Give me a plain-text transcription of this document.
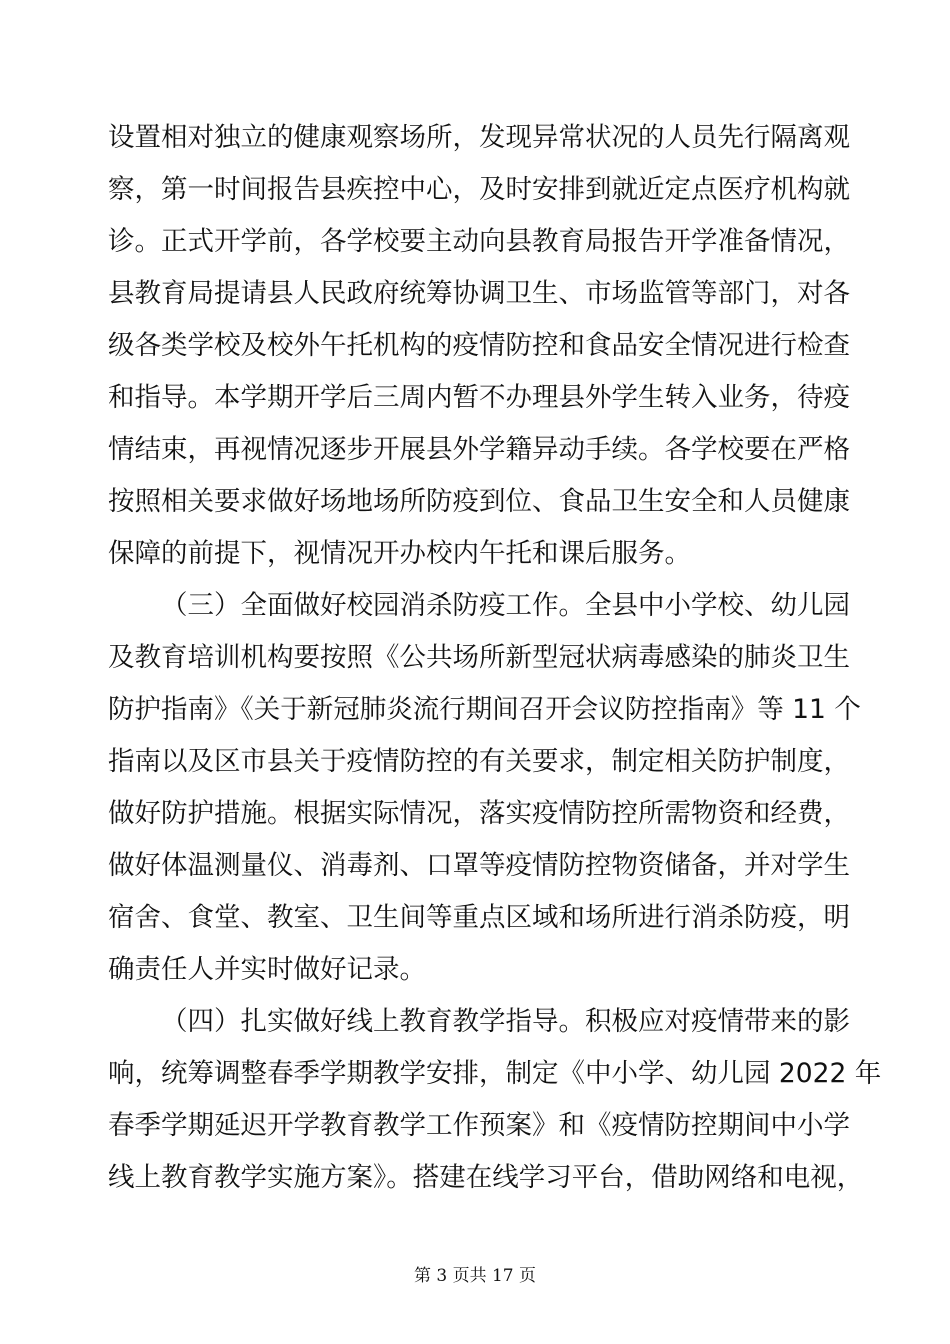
设置相对独立的健康观察场所，发现异常状况的人员先行隔离观
察，第一时间报告县疾控中心，及时安排到就近定点医疗机构就
诊。正式开学前，各学校要主动向县教育局报告开学准备情况，
县教育局提请县人民政府统筹协调卫生、市场监管等部门，对各
级各类学校及校外午托机构的疫情防控和食品安全情况进行检查
和指导。本学期开学后三周内暂不办理县外学生转入业务，待疫
情结束，再视情况逐步开展县外学籍异动手续。各学校要在严格
按照相关要求做好场地场所防疫到位、食品卫生安全和人员健康
保障的前提下，视情况开办校内午托和课后服务。
（三）全面做好校园消杀防疫工作。全县中小学校、幼儿园
及教育培训机构要按照《公共场所新型冠状病毒感染的肺炎卫生
防护指南》《关于新冠肺炎流行期间召开会议防控指南》等 11 个
指南以及区市县关于疫情防控的有关要求，制定相关防护制度，
做好防护措施。根据实际情况，落实疫情防控所需物资和经费，
做好体温测量仪、消毒剂、口罩等疫情防控物资储备，并对学生
宿舍、食堂、教室、卫生间等重点区域和场所进行消杀防疫，明
确责任人并实时做好记录。
（四）扎实做好线上教育教学指导。积极应对疫情带来的影
响，统筹调整春季学期教学安排，制定《中小学、幼儿园 2022 年
春季学期延迟开学教育教学工作预案》和《疫情防控期间中小学
线上教育教学实施方案》。搭建在线学习平台，借助网络和电视，
第 3 页共 17 页
